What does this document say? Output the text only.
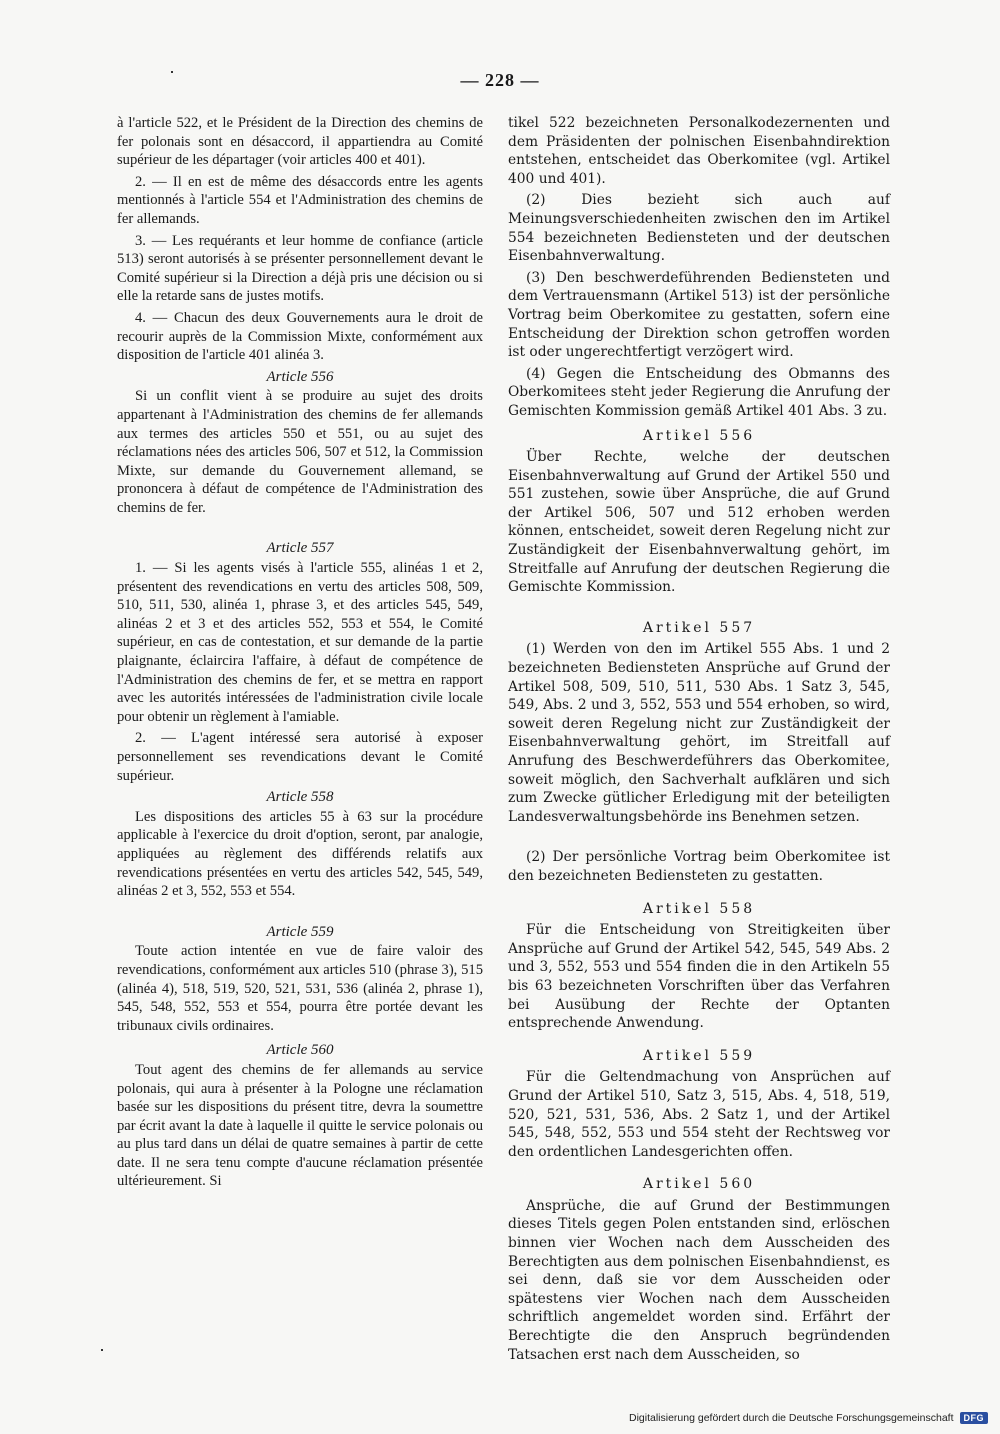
— 228 —

à l'article 522, et le Président de la Direction des chemins de fer polonais sont en désaccord, il appartiendra au Comité supérieur de les départager (voir articles 400 et 401).

2. — Il en est de même des désaccords entre les agents mentionnés à l'article 554 et l'Administration des chemins de fer allemands.

3. — Les requérants et leur homme de confiance (article 513) seront autorisés à se présenter personnellement devant le Comité supérieur si la Direction a déjà pris une décision ou si elle la retarde sans de justes motifs.

4. — Chacun des deux Gouvernements aura le droit de recourir auprès de la Commission Mixte, conformément aux disposition de l'article 401 alinéa 3.

Article 556

Si un conflit vient à se produire au sujet des droits appartenant à l'Administration des chemins de fer allemands aux termes des articles 550 et 551, ou au sujet des réclamations nées des articles 506, 507 et 512, la Commission Mixte, sur demande du Gouvernement allemand, se prononcera à défaut de compétence de l'Administration des chemins de fer.

Article 557

1. — Si les agents visés à l'article 555, alinéas 1 et 2, présentent des revendications en vertu des articles 508, 509, 510, 511, 530, alinéa 1, phrase 3, et des articles 545, 549, alinéas 2 et 3 et des articles 552, 553 et 554, le Comité supérieur, en cas de contestation, et sur demande de la partie plaignante, éclaircira l'affaire, à défaut de compétence de l'Administration des chemins de fer, et se mettra en rapport avec les autorités intéressées de l'administration civile locale pour obtenir un règlement à l'amiable.

2. — L'agent intéressé sera autorisé à exposer personnellement ses revendications devant le Comité supérieur.

Article 558

Les dispositions des articles 55 à 63 sur la procédure applicable à l'exercice du droit d'option, seront, par analogie, appliquées au règlement des différends relatifs aux revendications présentées en vertu des articles 542, 545, 549, alinéas 2 et 3, 552, 553 et 554.

Article 559

Toute action intentée en vue de faire valoir des revendications, conformément aux articles 510 (phrase 3), 515 (alinéa 4), 518, 519, 520, 521, 531, 536 (alinéa 2, phrase 1), 545, 548, 552, 553 et 554, pourra être portée devant les tribunaux civils ordinaires.

Article 560

Tout agent des chemins de fer allemands au service polonais, qui aura à présenter à la Pologne une réclamation basée sur les dispositions du présent titre, devra la soumettre par écrit avant la date à laquelle il quitte le service polonais ou au plus tard dans un délai de quatre semaines à partir de cette date. Il ne sera tenu compte d'aucune réclamation présentée ultérieurement. Si

tikel 522 bezeichneten Personalkodezernenten und dem Präsidenten der polnischen Eisenbahndirektion entstehen, entscheidet das Oberkomitee (vgl. Artikel 400 und 401).

(2) Dies bezieht sich auch auf Meinungsverschiedenheiten zwischen den im Artikel 554 bezeichneten Bediensteten und der deutschen Eisenbahnverwaltung.

(3) Den beschwerdeführenden Bediensteten und dem Vertrauensmann (Artikel 513) ist der persönliche Vortrag beim Oberkomitee zu gestatten, sofern eine Entscheidung der Direktion schon getroffen worden ist oder ungerechtfertigt verzögert wird.

(4) Gegen die Entscheidung des Obmanns des Oberkomitees steht jeder Regierung die Anrufung der Gemischten Kommission gemäß Artikel 401 Abs. 3 zu.

Artikel 556

Über Rechte, welche der deutschen Eisenbahnverwaltung auf Grund der Artikel 550 und 551 zustehen, sowie über Ansprüche, die auf Grund der Artikel 506, 507 und 512 erhoben werden können, entscheidet, soweit deren Regelung nicht zur Zuständigkeit der Eisenbahnverwaltung gehört, im Streitfalle auf Anrufung der deutschen Regierung die Gemischte Kommission.

Artikel 557

(1) Werden von den im Artikel 555 Abs. 1 und 2 bezeichneten Bediensteten Ansprüche auf Grund der Artikel 508, 509, 510, 511, 530 Abs. 1 Satz 3, 545, 549, Abs. 2 und 3, 552, 553 und 554 erhoben, so wird, soweit deren Regelung nicht zur Zuständigkeit der Eisenbahnverwaltung gehört, im Streitfall auf Anrufung des Beschwerdeführers das Oberkomitee, soweit möglich, den Sachverhalt aufklären und sich zum Zwecke gütlicher Erledigung mit der beteiligten Landesverwaltungsbehörde ins Benehmen setzen.

(2) Der persönliche Vortrag beim Oberkomitee ist den bezeichneten Bediensteten zu gestatten.

Artikel 558

Für die Entscheidung von Streitigkeiten über Ansprüche auf Grund der Artikel 542, 545, 549 Abs. 2 und 3, 552, 553 und 554 finden die in den Artikeln 55 bis 63 bezeichneten Vorschriften über das Verfahren bei Ausübung der Rechte der Optanten entsprechende Anwendung.

Artikel 559

Für die Geltendmachung von Ansprüchen auf Grund der Artikel 510, Satz 3, 515, Abs. 4, 518, 519, 520, 521, 531, 536, Abs. 2 Satz 1, und der Artikel 545, 548, 552, 553 und 554 steht der Rechtsweg vor den ordentlichen Landesgerichten offen.

Artikel 560

Ansprüche, die auf Grund der Bestimmungen dieses Titels gegen Polen entstanden sind, erlöschen binnen vier Wochen nach dem Ausscheiden des Berechtigten aus dem polnischen Eisenbahndienst, es sei denn, daß sie vor dem Ausscheiden oder spätestens vier Wochen nach dem Ausscheiden schriftlich angemeldet worden sind. Erfährt der Berechtigte die den Anspruch begründenden Tatsachen erst nach dem Ausscheiden, so

Digitalisierung gefördert durch die Deutsche Forschungsgemeinschaft	DFG
